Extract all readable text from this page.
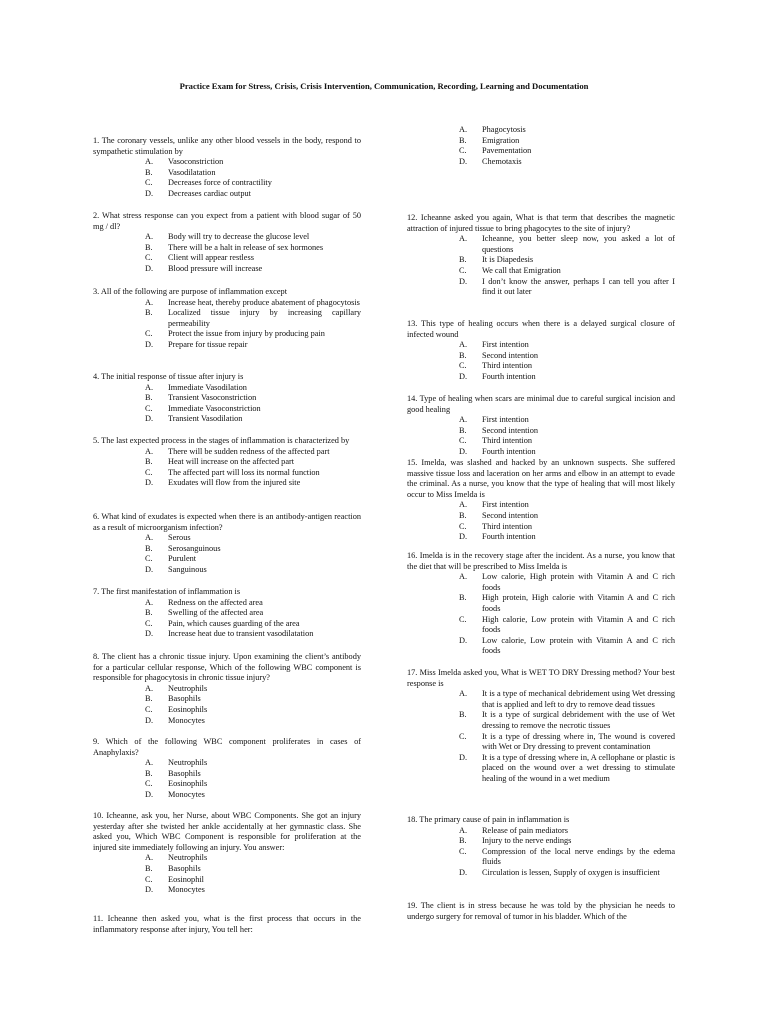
Practice Exam for Stress, Crisis, Crisis Intervention, Communication, Recording, Learning and Documentation
1. The coronary vessels, unlike any other blood vessels in the body, respond to sympathetic stimulation by
A.	Vasoconstriction
B.	Vasodilatation
C.	Decreases force of contractility
D.	Decreases cardiac output
2. What stress response can you expect from a patient with blood sugar of 50 mg / dl?
A.	Body will try to decrease the glucose level
B.	There will be a halt in release of sex hormones
C.	Client will appear restless
D.	Blood pressure will increase
3. All of the following are purpose of inflammation except
A.	Increase heat, thereby produce abatement of phagocytosis
B.	Localized tissue injury by increasing capillary permeability
C.	Protect the issue from injury by producing pain
D.	Prepare for tissue repair
4. The initial response of tissue after injury is
A.	Immediate Vasodilation
B.	Transient Vasoconstriction
C.	Immediate Vasoconstriction
D.	Transient Vasodilation
5. The last expected process in the stages of inflammation is characterized by
A.	There will be sudden redness of the affected part
B.	Heat will increase on the affected part
C.	The affected part will loss its normal function
D.	Exudates will flow from the injured site
6. What kind of exudates is expected when there is an antibody-antigen reaction as a result of microorganism infection?
A.	Serous
B.	Serosanguinous
C.	Purulent
D.	Sanguinous
7. The first manifestation of inflammation is
A.	Redness on the affected area
B.	Swelling of the affected area
C.	Pain, which causes guarding of the area
D.	Increase heat due to transient vasodilatation
8. The client has a chronic tissue injury. Upon examining the client’s antibody for a particular cellular response, Which of the following WBC component is responsible for phagocytosis in chronic tissue injury?
A.	Neutrophils
B.	Basophils
C.	Eosinophils
D.	Monocytes
9. Which of the following WBC component proliferates in cases of Anaphylaxis?
A.	Neutrophils
B.	Basophils
C.	Eosinophils
D.	Monocytes
10. Icheanne, ask you, her Nurse, about WBC Components. She got an injury yesterday after she twisted her ankle accidentally at her gymnastic class. She asked you, Which WBC Component is responsible for proliferation at the injured site immediately following an injury. You answer:
A.	Neutrophils
B.	Basophils
C.	Eosinophil
D.	Monocytes
11. Icheanne then asked you, what is the first process that occurs in the inflammatory response after injury, You tell her:
A.	Phagocytosis
B.	Emigration
C.	Pavementation
D.	Chemotaxis
12. Icheanne asked you again, What is that term that describes the magnetic attraction of injured tissue to bring phagocytes to the site of injury?
A.	Icheanne, you better sleep now, you asked a lot of questions
B.	It is Diapedesis
C.	We call that Emigration
D.	I don’t know the answer, perhaps I can tell you after I find it out later
13. This type of healing occurs when there is a delayed surgical closure of infected wound
A.	First intention
B.	Second intention
C.	Third intention
D.	Fourth intention
14. Type of healing when scars are minimal due to careful surgical incision and good healing
A.	First intention
B.	Second intention
C.	Third intention
D.	Fourth intention
15. Imelda, was slashed and hacked by an unknown suspects. She suffered massive tissue loss and laceration on her arms and elbow in an attempt to evade the criminal. As a nurse, you know that the type of healing that will most likely occur to Miss Imelda is
A.	First intention
B.	Second intention
C.	Third intention
D.	Fourth intention
16. Imelda is in the recovery stage after the incident. As a nurse, you know that the diet that will be prescribed to Miss Imelda is
A.	Low calorie, High protein with Vitamin A and C rich foods
B.	High protein, High calorie with Vitamin A and C rich foods
C.	High calorie, Low protein with Vitamin A and C rich foods
D.	Low calorie, Low protein with Vitamin A and C rich foods
17. Miss Imelda asked you, What is WET TO DRY Dressing method? Your best response is
A.	It is a type of mechanical debridement using Wet dressing that is applied and left to dry to remove dead tissues
B.	It is a type of surgical debridement with the use of Wet dressing to remove the necrotic tissues
C.	It is a type of dressing where in, The wound is covered with Wet or Dry dressing to prevent contamination
D.	It is a type of dressing where in, A cellophane or plastic is placed on the wound over a wet dressing to stimulate healing of the wound in a wet medium
18. The primary cause of pain in inflammation is
A.	Release of pain mediators
B.	Injury to the nerve endings
C.	Compression of the local nerve endings by the edema fluids
D.	Circulation is lessen, Supply of oxygen is insufficient
19. The client is in stress because he was told by the physician he needs to undergo surgery for removal of tumor in his bladder. Which of the
